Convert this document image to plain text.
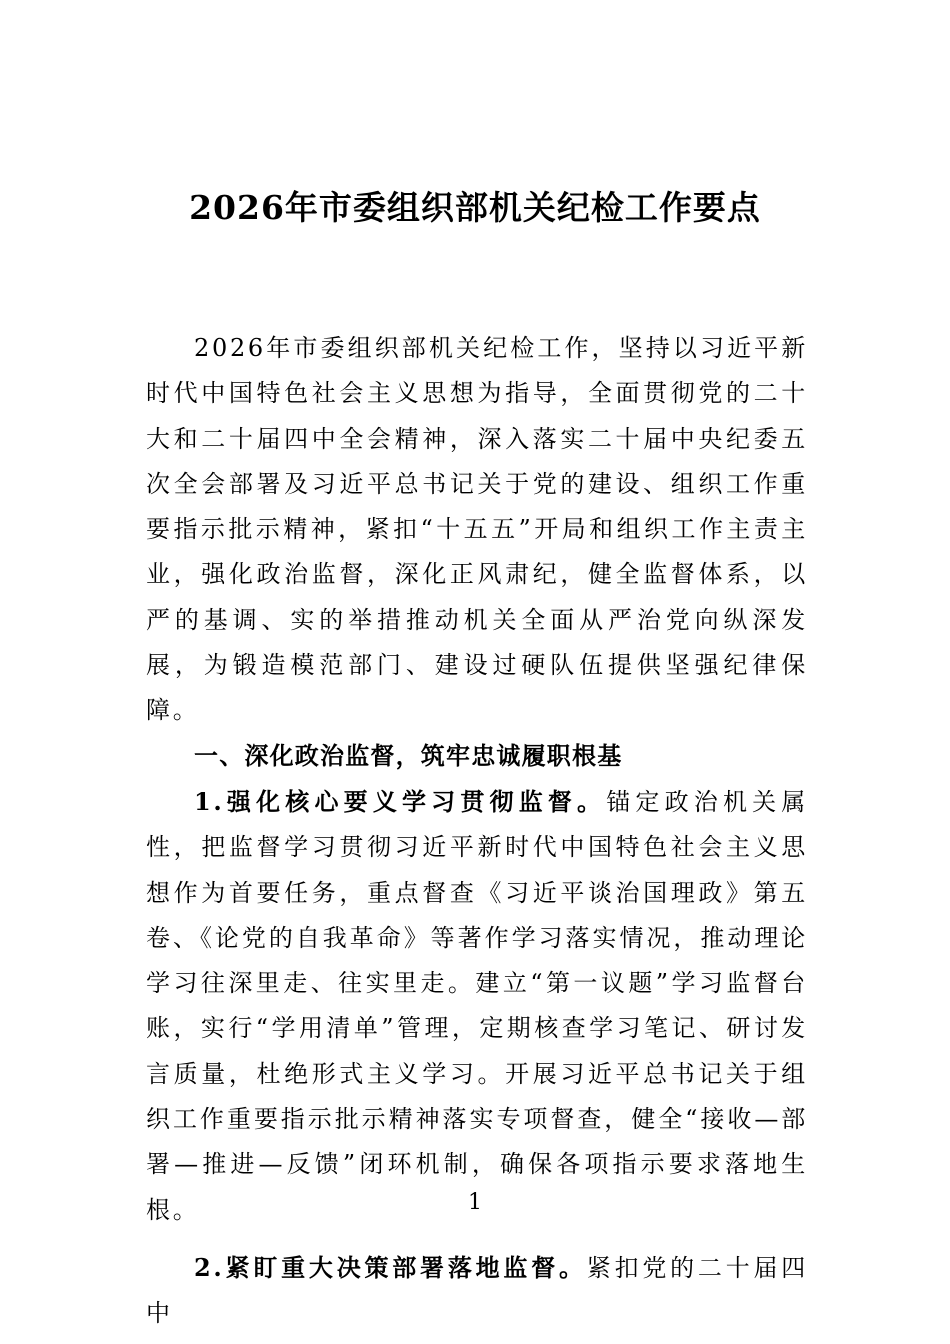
2026年市委组织部机关纪检工作要点

2026年市委组织部机关纪检工作，坚持以习近平新时代中国特色社会主义思想为指导，全面贯彻党的二十大和二十届四中全会精神，深入落实二十届中央纪委五次全会部署及习近平总书记关于党的建设、组织工作重要指示批示精神，紧扣“十五五”开局和组织工作主责主业，强化政治监督，深化正风肃纪，健全监督体系，以严的基调、实的举措推动机关全面从严治党向纵深发展，为锻造模范部门、建设过硬队伍提供坚强纪律保障。

一、深化政治监督，筑牢忠诚履职根基

1.强化核心要义学习贯彻监督。锚定政治机关属性，把监督学习贯彻习近平新时代中国特色社会主义思想作为首要任务，重点督查《习近平谈治国理政》第五卷、《论党的自我革命》等著作学习落实情况，推动理论学习往深里走、往实里走。建立“第一议题”学习监督台账，实行“学用清单”管理，定期核查学习笔记、研讨发言质量，杜绝形式主义学习。开展习近平总书记关于组织工作重要指示批示精神落实专项督查，健全“接收—部署—推进—反馈”闭环机制，确保各项指示要求落地生根。

2.紧盯重大决策部署落地监督。紧扣党的二十届四中

1
